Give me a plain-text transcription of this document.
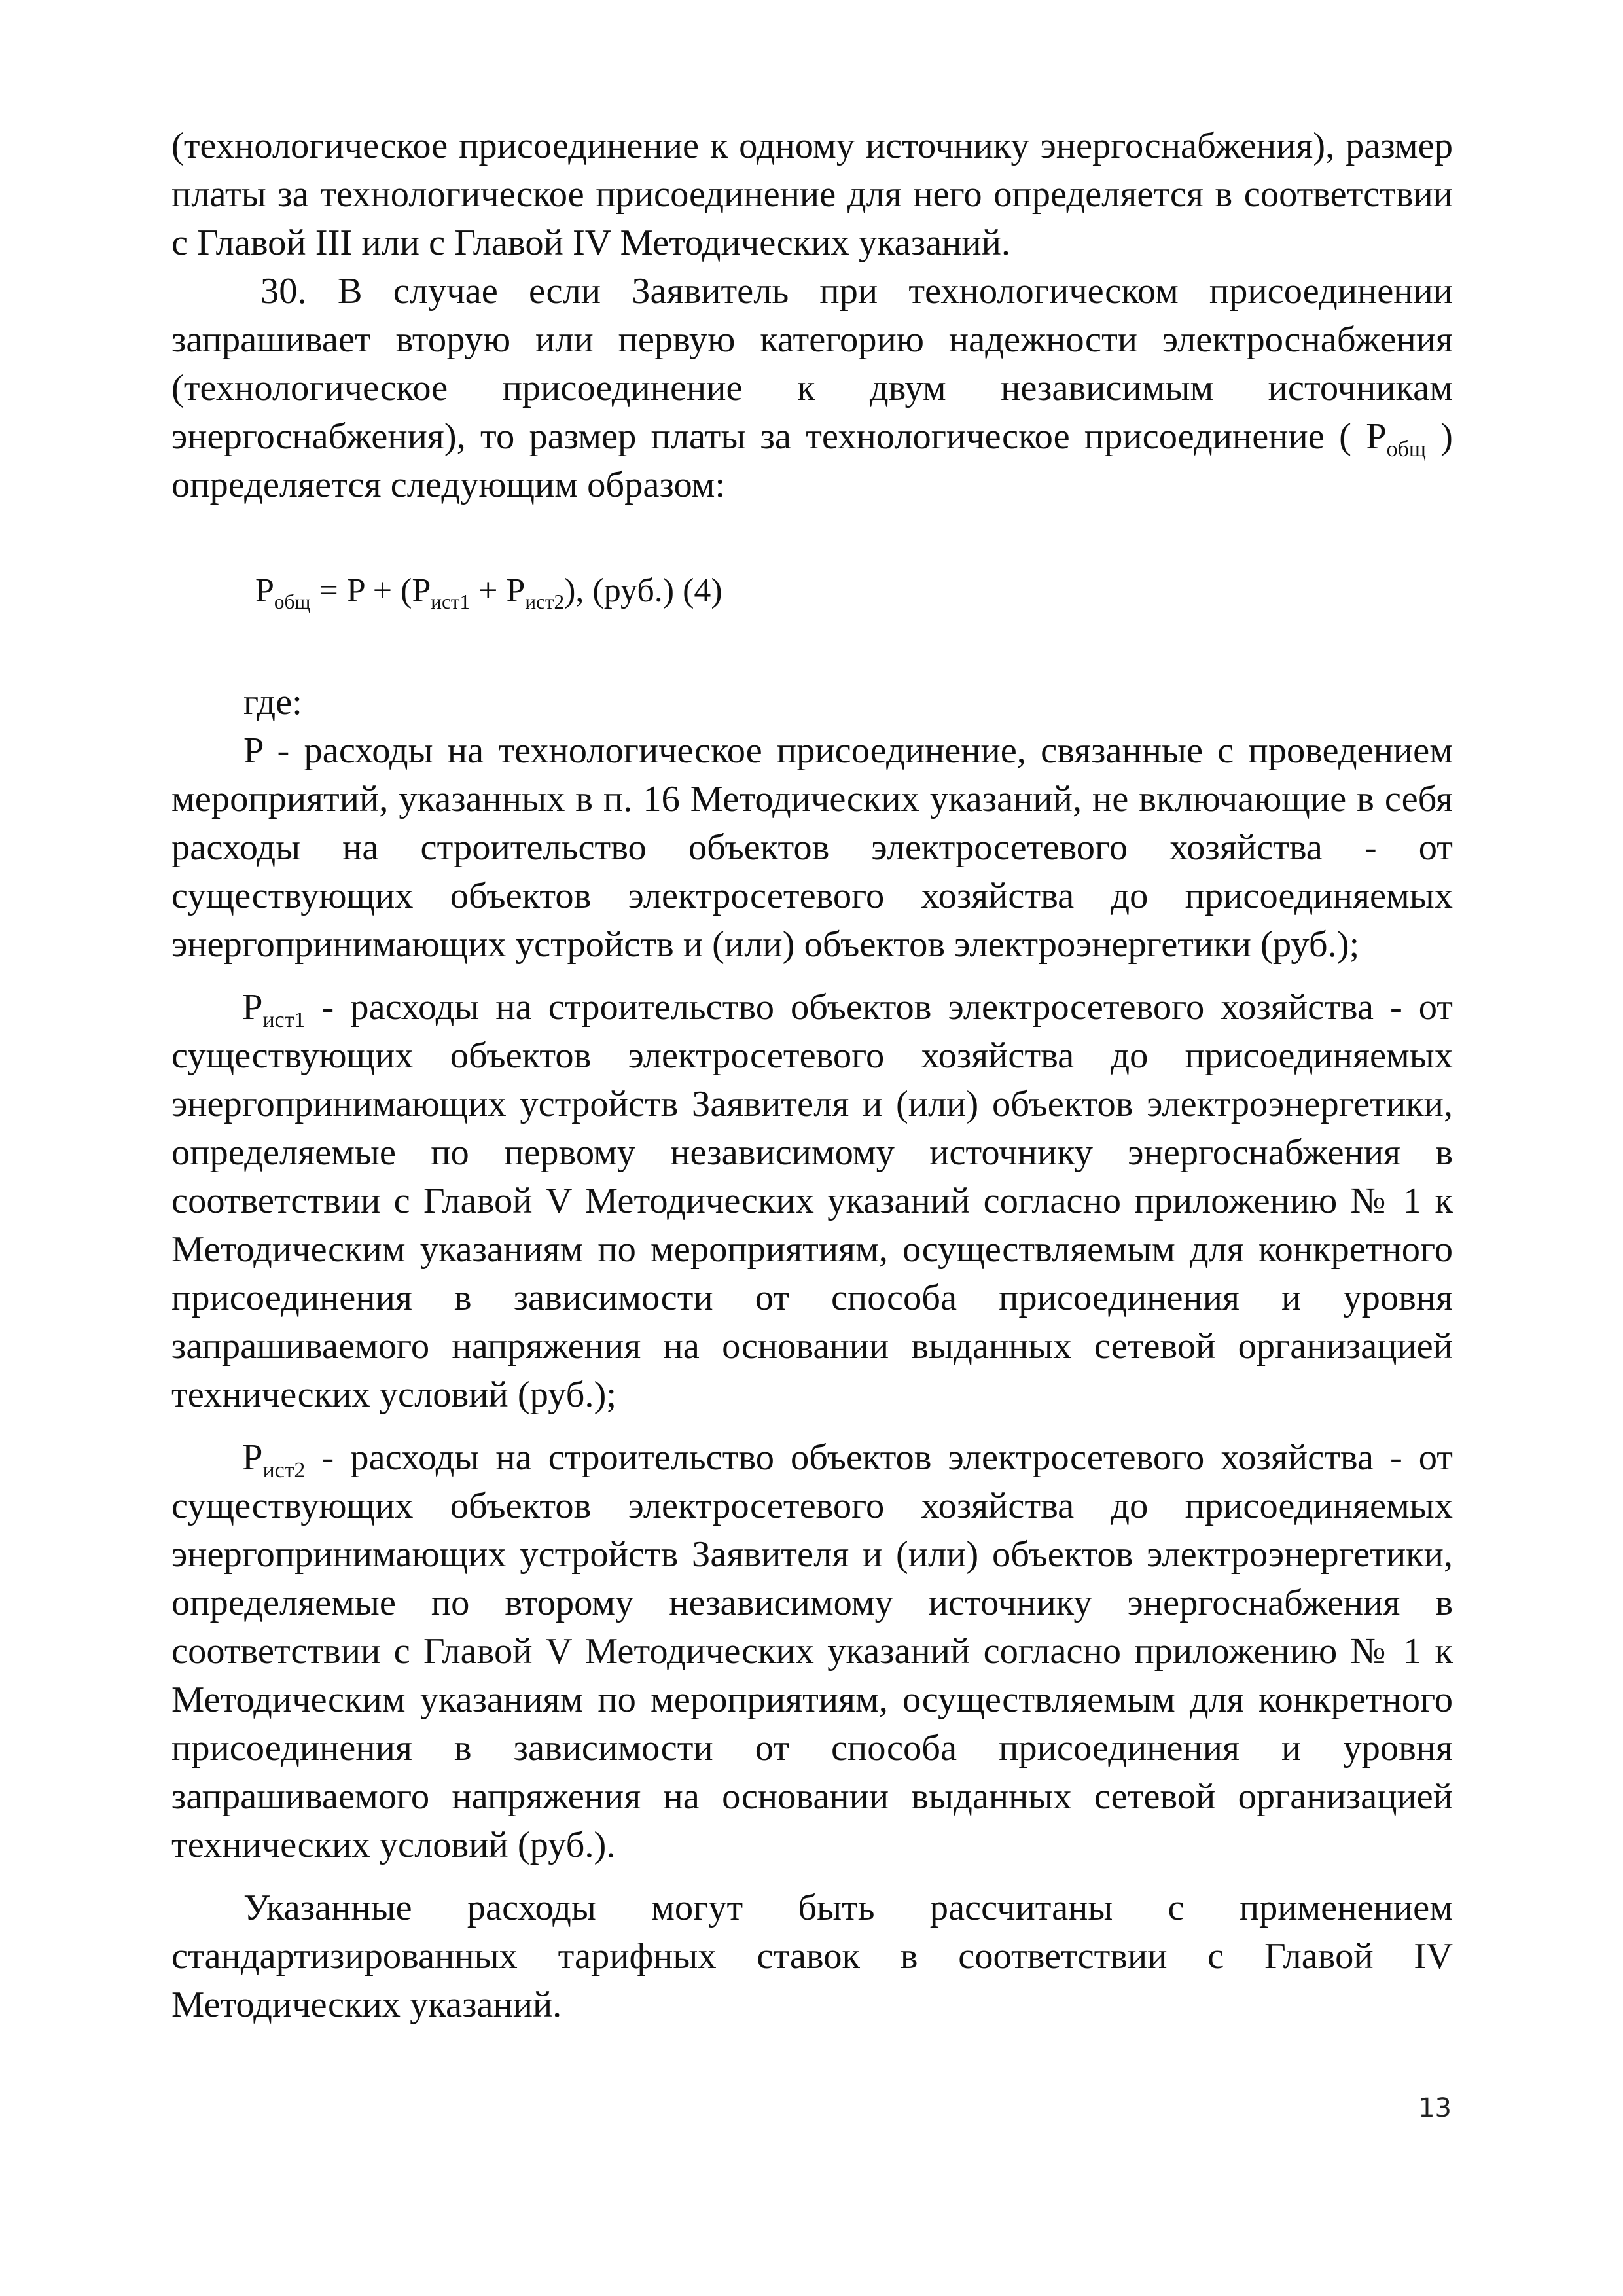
(технологическое присоединение к одному источнику энергоснабжения), размер платы за технологическое присоединение для него определяется в соответствии с Главой III или с Главой IV Методических указаний.

30. В случае если Заявитель при технологическом присоединении запрашивает вторую или первую категорию надежности электроснабжения (технологическое присоединение к двум независимым источникам энергоснабжения), то размер платы за технологическое присоединение ( $P_{общ}$ ) определяется следующим образом:

$P_{общ} = P + (P_{ист1} + P_{ист2})$, (руб.) (4)

где:

P - расходы на технологическое присоединение, связанные с проведением мероприятий, указанных в п. 16 Методических указаний, не включающие в себя расходы на строительство объектов электросетевого хозяйства - от существующих объектов электросетевого хозяйства до присоединяемых энергопринимающих устройств и (или) объектов электроэнергетики (руб.);

$P_{ист1}$ - расходы на строительство объектов электросетевого хозяйства - от существующих объектов электросетевого хозяйства до присоединяемых энергопринимающих устройств Заявителя и (или) объектов электроэнергетики, определяемые по первому независимому источнику энергоснабжения в соответствии с Главой V Методических указаний согласно приложению № 1 к Методическим указаниям по мероприятиям, осуществляемым для конкретного присоединения в зависимости от способа присоединения и уровня запрашиваемого напряжения на основании выданных сетевой организацией технических условий (руб.);

$P_{ист2}$ - расходы на строительство объектов электросетевого хозяйства - от существующих объектов электросетевого хозяйства до присоединяемых энергопринимающих устройств Заявителя и (или) объектов электроэнергетики, определяемые по второму независимому источнику энергоснабжения в соответствии с Главой V Методических указаний согласно приложению № 1 к Методическим указаниям по мероприятиям, осуществляемым для конкретного присоединения в зависимости от способа присоединения и уровня запрашиваемого напряжения на основании выданных сетевой организацией технических условий (руб.).

Указанные расходы могут быть рассчитаны с применением стандартизированных тарифных ставок в соответствии с Главой IV Методических указаний.

13
